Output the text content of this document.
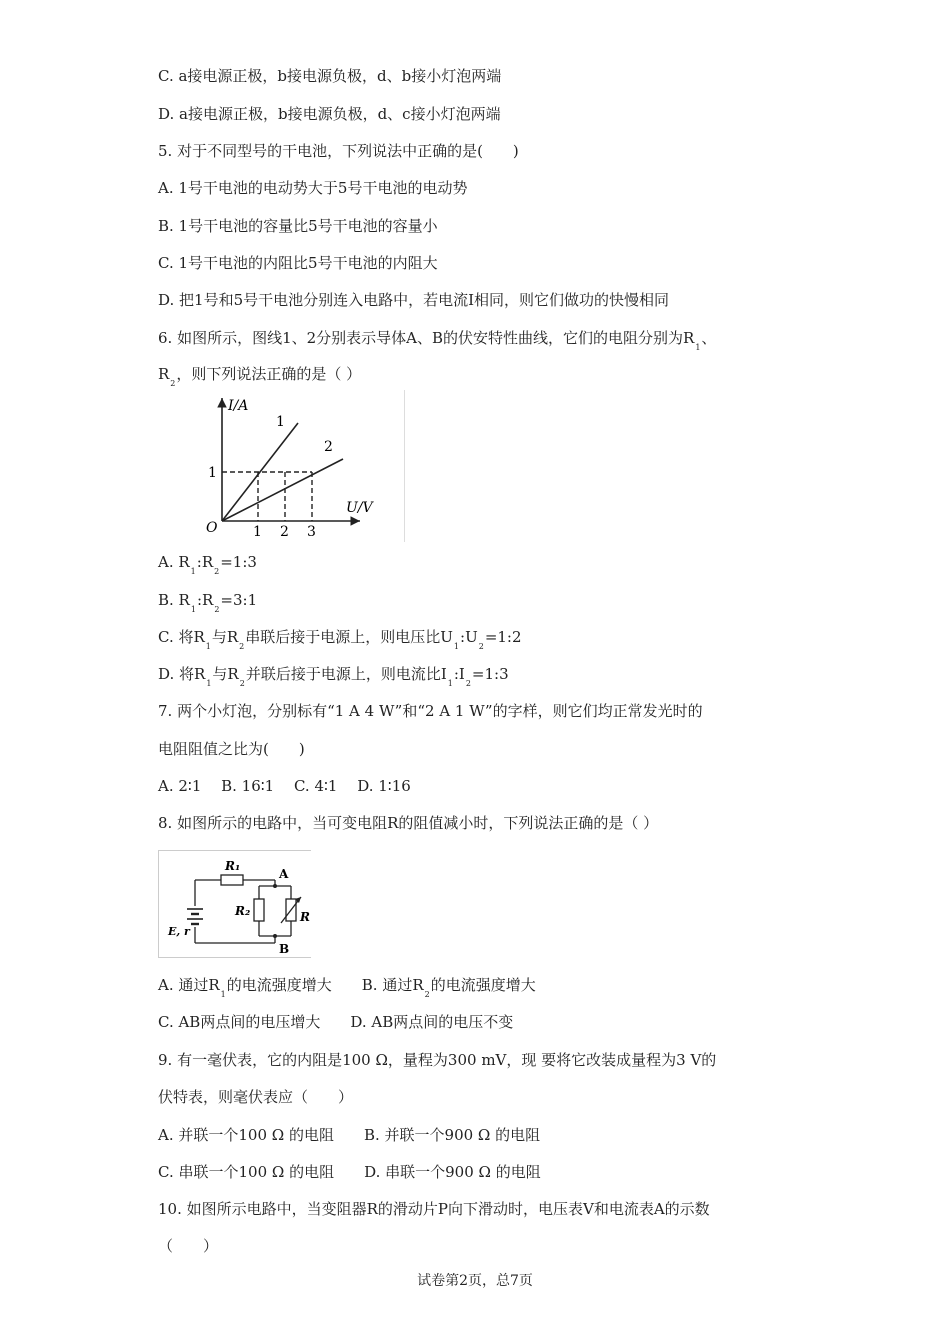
C. a接电源正极，b接电源负极，d、b接小灯泡两端
D. a接电源正极，b接电源负极，d、c接小灯泡两端
5. 对于不同型号的干电池，下列说法中正确的是(　　)
A. 1号干电池的电动势大于5号干电池的电动势
B. 1号干电池的容量比5号干电池的容量小
C. 1号干电池的内阻比5号干电池的内阻大
D. 把1号和5号干电池分别连入电路中，若电流I相同，则它们做功的快慢相同
6. 如图所示，图线1、2分别表示导体A、B的伏安特性曲线，它们的电阻分别为$R_1$、
$R_2$，则下列说法正确的是（ ）
I/A
U/V
O
1
1 2 3
1
2
A. $R_1:R_2=1:3$
B. $R_1:R_2=3:1$
C. 将$R_1$与$R_2$串联后接于电源上，则电压比$U_1:U_2=1:2$
D. 将$R_1$与$R_2$并联后接于电源上，则电流比$I_1:I_2=1:3$
7. 两个小灯泡，分别标有“1 A 4 W”和“2 A 1 W”的字样，则它们均正常发光时的
电阻阻值之比为(　　)
A. 2∶1　 B. 16∶1　 C. 4∶1　 D. 1∶16
8. 如图所示的电路中，当可变电阻R的阻值减小时，下列说法正确的是（ ）
R₁
A
R₂	R
B
E, r
A. 通过$R_1$的电流强度增大　　B. 通过$R_2$的电流强度增大
C. AB两点间的电压增大　　D. AB两点间的电压不变
9. 有一毫伏表，它的内阻是100 Ω，量程为300 mV，现 要将它改装成量程为3 V的
伏特表，则毫伏表应（　　）
A. 并联一个100 Ω 的电阻　　B. 并联一个900 Ω 的电阻
C. 串联一个100 Ω 的电阻　　D. 串联一个900 Ω 的电阻
10. 如图所示电路中，当变阻器R的滑动片P向下滑动时，电压表V和电流表A的示数
（　　）
试卷第2页，总7页
